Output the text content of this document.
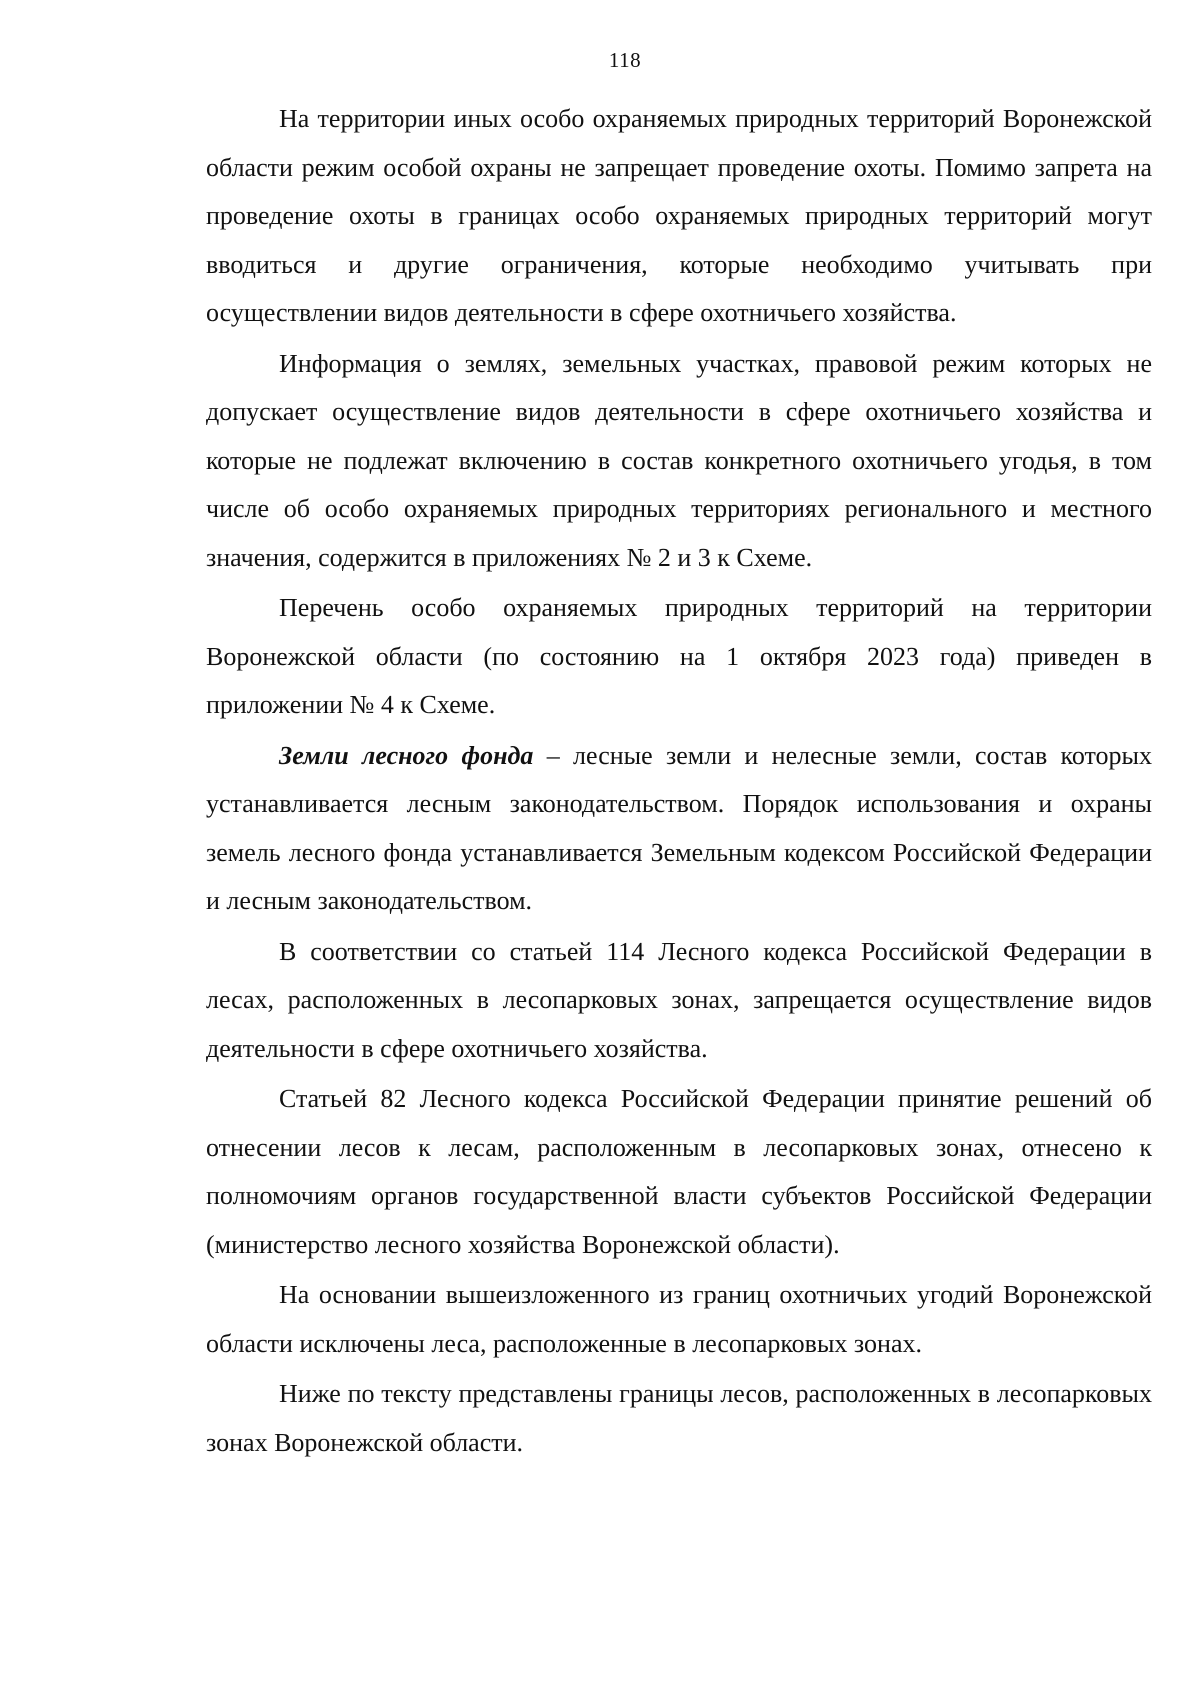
118

На территории иных особо охраняемых природных территорий Воронежской области режим особой охраны не запрещает проведение охоты. Помимо запрета на проведение охоты в границах особо охраняемых природных территорий могут вводиться и другие ограничения, которые необходимо учитывать при осуществлении видов деятельности в сфере охотничьего хозяйства.

Информация о землях, земельных участках, правовой режим которых не допускает осуществление видов деятельности в сфере охотничьего хозяйства и которые не подлежат включению в состав конкретного охотничьего угодья, в том числе об особо охраняемых природных территориях регионального и местного значения, содержится в приложениях № 2 и 3 к Схеме.

Перечень особо охраняемых природных территорий на территории Воронежской области (по состоянию на 1 октября 2023 года) приведен в приложении № 4 к Схеме.

Земли лесного фонда – лесные земли и нелесные земли, состав которых устанавливается лесным законодательством. Порядок использования и охраны земель лесного фонда устанавливается Земельным кодексом Российской Федерации и лесным законодательством.

В соответствии со статьей 114 Лесного кодекса Российской Федерации в лесах, расположенных в лесопарковых зонах, запрещается осуществление видов деятельности в сфере охотничьего хозяйства.

Статьей 82 Лесного кодекса Российской Федерации принятие решений об отнесении лесов к лесам, расположенным в лесопарковых зонах, отнесено к полномочиям органов государственной власти субъектов Российской Федерации (министерство лесного хозяйства Воронежской области).

На основании вышеизложенного из границ охотничьих угодий Воронежской области исключены леса, расположенные в лесопарковых зонах.

Ниже по тексту представлены границы лесов, расположенных в лесопарковых зонах Воронежской области.
